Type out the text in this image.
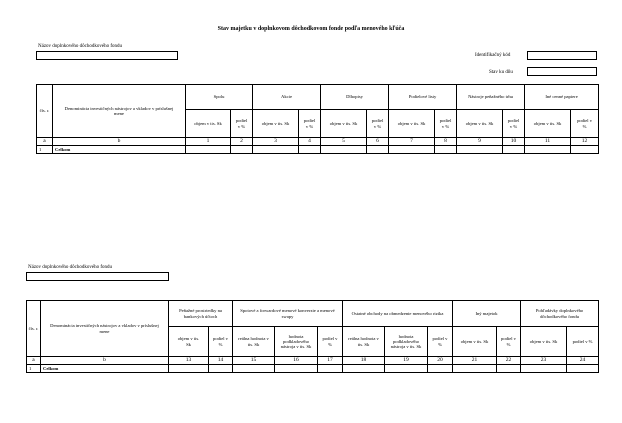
Stav majetku v doplnkovom dôchodkovom fonde podľa menového kľúča
Názov doplnkového dôchodkového fondu
Identifikačný kód
Stav ku dňu
čís. r.	Denominácia investičných nástrojov a vkladov v príslušnej mene	Spolu		Akcie		Dlhopisy		Podielové listy		Nástroje peňažného trhu		Iné cenné papiere	
		objem v tis. Sk	podiel v %	objem v tis. Sk	podiel v %	objem v tis. Sk	podiel v %	objem v tis. Sk	podiel v %	objem v tis. Sk	podiel v %	objem v tis. Sk	podiel v %
a	b	1	2	3	4	5	6	7	8	9	10	11	12
1	Celkom												
Názov doplnkového dôchodkového fondu
čís. r.	Denominácia investičných nástrojov a vkladov v príslušnej mene	Peňažné prostriedky na bankových účtoch		Spotové a forwardové menové konverzie a menové swapy			Ostatné obchody na obmedzenie menového rizika			Iný majetok		Pohľadávky doplnkového dôchodkového fondu	
		objem v tis. Sk	podiel v %	reálna hodnota v tis. Sk	hodnota podkladového nástroja v tis. Sk	podiel v %	reálna hodnota v tis. Sk	hodnota podkladového nástroja v tis. Sk	podiel v %	objem v tis. Sk	podiel v %	objem v tis. Sk	podiel v %
a	b	13	14	15	16	17	18	19	20	21	22	23	24
1	Celkom												
